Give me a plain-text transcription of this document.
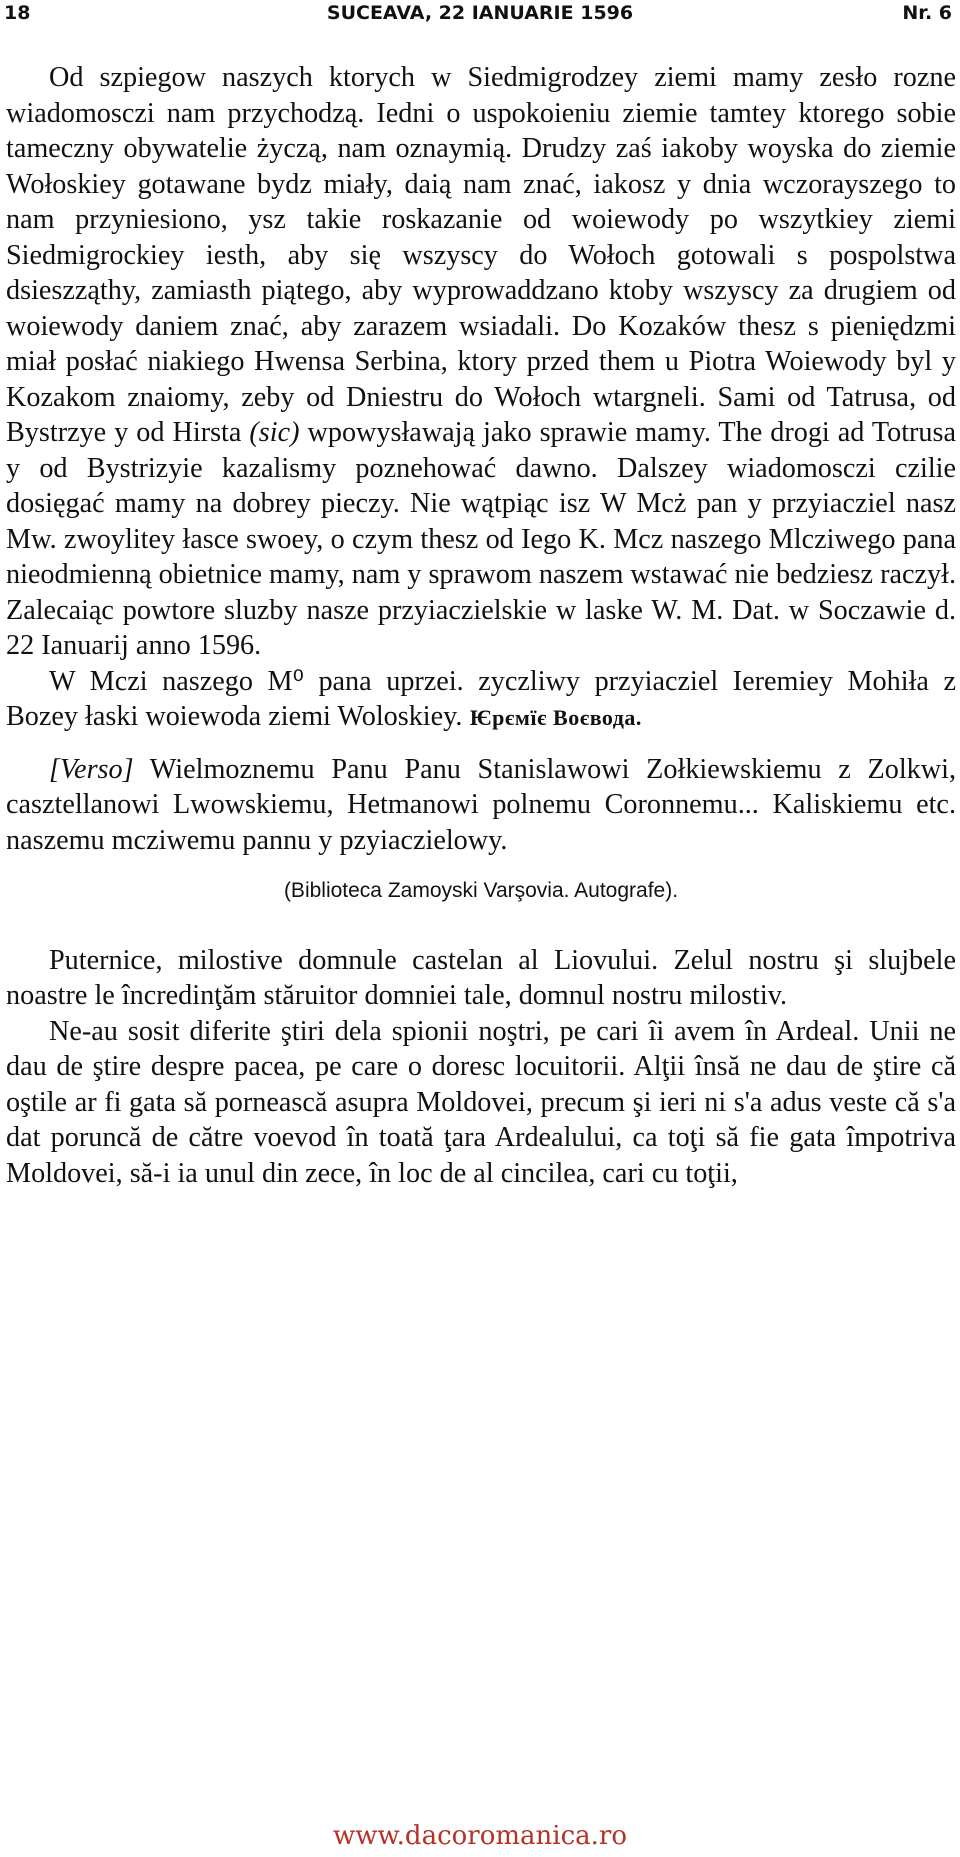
18	SUCEAVA, 22 IANUARIE 1596	Nr. 6

Od szpiegow naszych ktorych w Siedmigrodzey ziemi mamy zesło rozne wiadomosczi nam przychodzą. Iedni o uspokoieniu ziemie tamtey ktorego sobie tameczny obywatelie życzą, nam oznaymią. Drudzy zaś iakoby woyska do ziemie Wołoskiey gotawane bydz miały, daią nam znać, iakosz y dnia wczorayszego to nam przyniesiono, ysz takie roskazanie od woiewody po wszytkiey ziemi Siedmigrockiey iesth, aby się wszyscy do Wołoch gotowali s pospolstwa dsieszząthy, zamiasth piątego, aby wyprowaddzano ktoby wszyscy za drugiem od woiewody daniem znać, aby zarazem wsiadali. Do Kozaków thesz s pieniędzmi miał posłać niakiego Hwensa Serbina, ktory przed them u Piotra Woiewody byl y Kozakom znaiomy, zeby od Dniestru do Wołoch wtargneli. Sami od Tatrusa, od Bystrzye y od Hirsta (sic) wpowysławają jako sprawie mamy. The drogi ad Totrusa y od Bystrizyie kazalismy poznehować dawno. Dalszey wiadomosczi czilie dosięgać mamy na dobrey pieczy. Nie wątpiąc isz W Mcż pan y przyiacziel nasz Mw. zwoylitey łasce swoey, o czym thesz od Iego K. Mcz naszego Mlcziwego pana nieodmienną obietnice mamy, nam y sprawom naszem wstawać nie bedziesz raczył. Zalecaiąc powtore sluzby nasze przyiaczielskie w laske W. M. Dat. w Soczawie d. 22 Ianuarij anno 1596.

W Mczi naszego M⁰ pana uprzei. zyczliwy przyiacziel Ieremiey Mohiła z Bozey łaski woiewoda ziemi Woloskiey. Ѥрємїє Воєвода.

[Verso] Wielmoznemu Panu Panu Stanislawowi Zołkiewskiemu z Zolkwi, casztellanowi Lwowskiemu, Hetmanowi polnemu Coronnemu... Kaliskiemu etc. naszemu mcziwemu pannu y pzyiaczielowy.

(Biblioteca Zamoyski Varşovia. Autografe).

Puternice, milostive domnule castelan al Liovului. Zelul nostru şi slujbele noastre le încredinţăm stăruitor domniei tale, domnul nostru milostiv.

Ne-au sosit diferite ştiri dela spionii noştri, pe cari îi avem în Ardeal. Unii ne dau de ştire despre pacea, pe care o doresc locuitorii. Alţii însă ne dau de ştire că oştile ar fi gata să pornească asupra Moldovei, precum şi ieri ni s'a adus veste că s'a dat poruncă de către voevod în toată ţara Ardealului, ca toţi să fie gata împotriva Moldovei, să-i ia unul din zece, în loc de al cincilea, cari cu toţii,

www.dacoromanica.ro
